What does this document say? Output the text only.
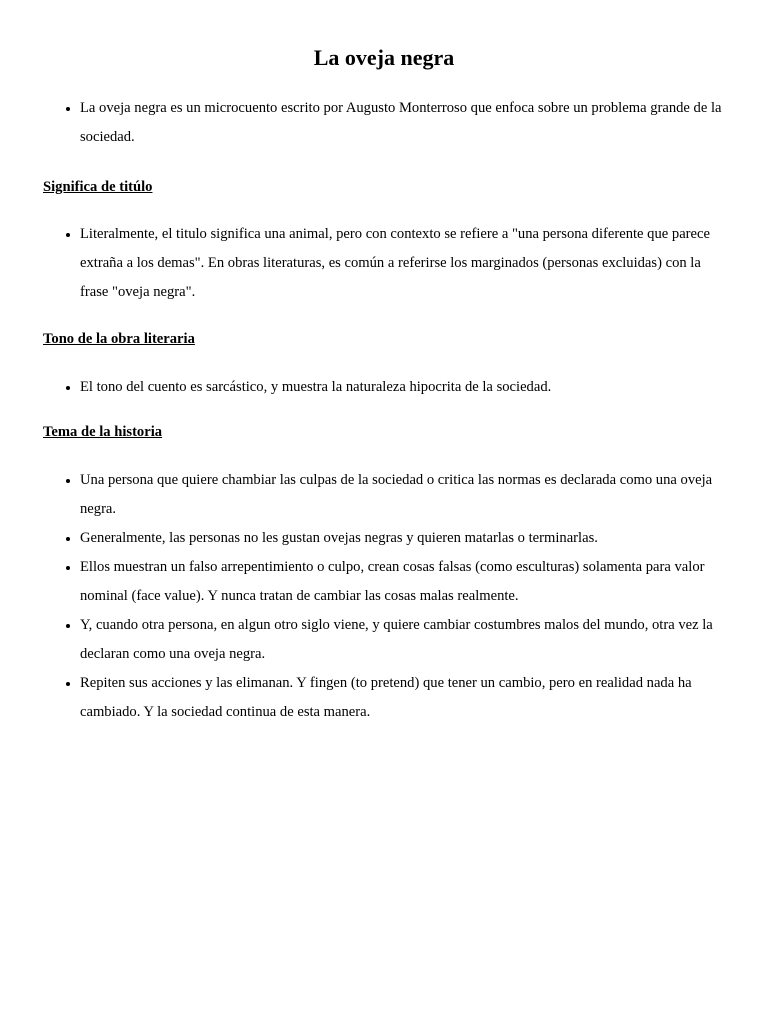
La oveja negra
• La oveja negra es un microcuento escrito por Augusto Monterroso que enfoca sobre un problema grande de la sociedad.

Significa de titúlo

• Literalmente, el titulo significa una animal, pero con contexto se refiere a "una persona diferente que parece extraña a los demas". En obras literaturas, es común a referirse los marginados (personas excluidas) con la frase "oveja negra".

Tono de la obra literaria

• El tono del cuento es sarcástico, y muestra la naturaleza hipocrita de la sociedad.

Tema de la historia

• Una persona que quiere chambiar las culpas de la sociedad o critica las normas es declarada como una oveja negra.
• Generalmente, las personas no les gustan ovejas negras y quieren matarlas o terminarlas.
• Ellos muestran un falso arrepentimiento o culpo, crean cosas falsas (como esculturas) solamenta para valor nominal (face value). Y nunca tratan de cambiar las cosas malas realmente.
• Y, cuando otra persona, en algun otro siglo viene, y quiere cambiar costumbres malos del mundo, otra vez la declaran como una oveja negra.
• Repiten sus acciones y las elimanan. Y fingen (to pretend) que tener un cambio, pero en realidad nada ha cambiado. Y la sociedad continua de esta manera.
